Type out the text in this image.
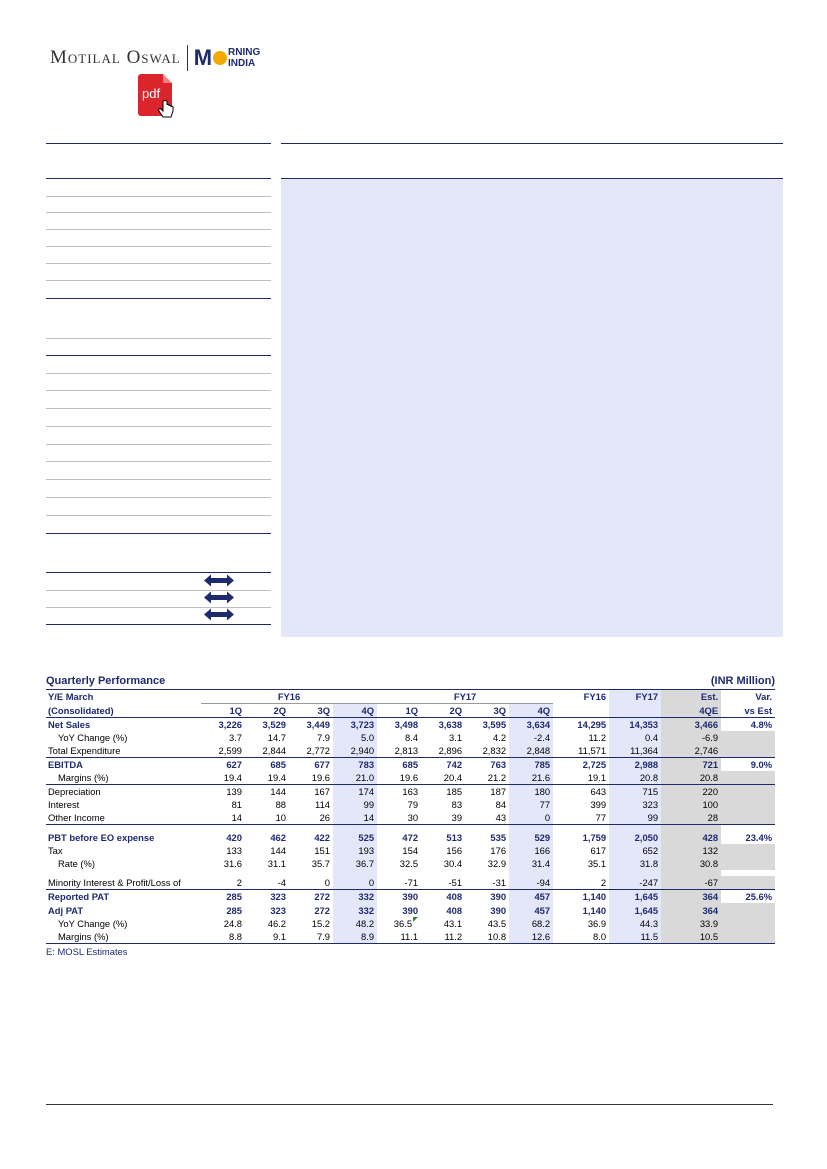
Motilal Oswal M RNING
INDIA
pdf
Quarterly Performance	(INR Million)
Y/E March	FY16				FY17				FY16	FY17	Est.	Var.
(Consolidated)	1Q	2Q	3Q	4Q	1Q	2Q	3Q	4Q			4QE	vs Est
Net Sales	3,226	3,529	3,449	3,723	3,498	3,638	3,595	3,634	14,295	14,353	3,466	4.8%
YoY Change (%)	3.7	14.7	7.9	5.0	8.4	3.1	4.2	-2.4	11.2	0.4	-6.9	
Total Expenditure	2,599	2,844	2,772	2,940	2,813	2,896	2,832	2,848	11,571	11,364	2,746	
EBITDA	627	685	677	783	685	742	763	785	2,725	2,988	721	9.0%
Margins (%)	19.4	19.4	19.6	21.0	19.6	20.4	21.2	21.6	19.1	20.8	20.8	
Depreciation	139	144	167	174	163	185	187	180	643	715	220	
Interest	81	88	114	99	79	83	84	77	399	323	100	
Other Income	14	10	26	14	30	39	43	0	77	99	28	

PBT before EO expense	420	462	422	525	472	513	535	529	1,759	2,050	428	23.4%
Tax	133	144	151	193	154	156	176	166	617	652	132	
Rate (%)	31.6	31.1	35.7	36.7	32.5	30.4	32.9	31.4	35.1	31.8	30.8	

Minority Interest & Profit/Loss of	2	-4	0	0	-71	-51	-31	-94	2	-247	-67	
Reported PAT	285	323	272	332	390	408	390	457	1,140	1,645	364	25.6%
Adj PAT	285	323	272	332	390	408	390	457	1,140	1,645	364	
YoY Change (%)	24.8	46.2	15.2	48.2	36.5	43.1	43.5	68.2	36.9	44.3	33.9	
Margins (%)	8.8	9.1	7.9	8.9	11.1	11.2	10.8	12.6	8.0	11.5	10.5	
E: MOSL Estimates
